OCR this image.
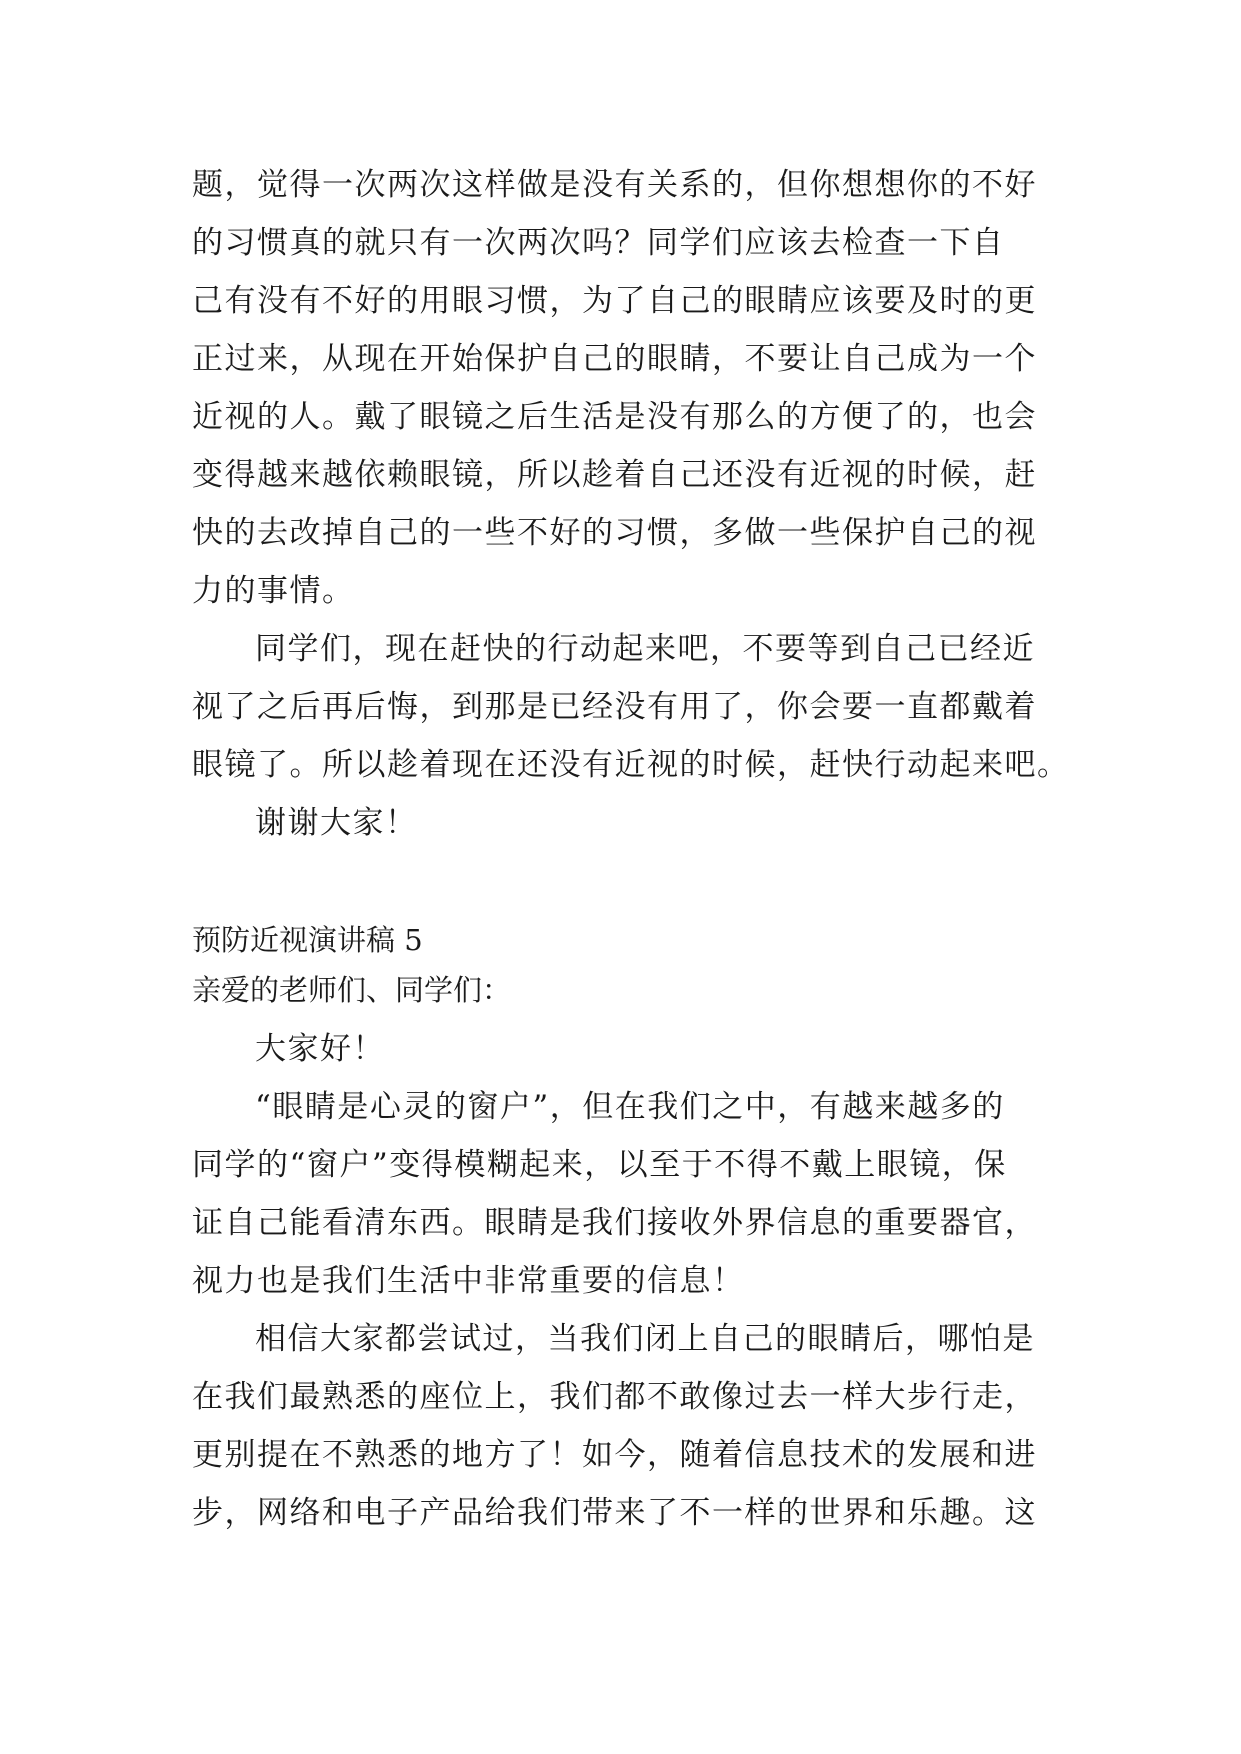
题，觉得一次两次这样做是没有关系的，但你想想你的不好
的习惯真的就只有一次两次吗？同学们应该去检查一下自
己有没有不好的用眼习惯，为了自己的眼睛应该要及时的更
正过来，从现在开始保护自己的眼睛，不要让自己成为一个
近视的人。戴了眼镜之后生活是没有那么的方便了的，也会
变得越来越依赖眼镜，所以趁着自己还没有近视的时候，赶
快的去改掉自己的一些不好的习惯，多做一些保护自己的视
力的事情。
同学们，现在赶快的行动起来吧，不要等到自己已经近
视了之后再后悔，到那是已经没有用了，你会要一直都戴着
眼镜了。所以趁着现在还没有近视的时候，赶快行动起来吧。
谢谢大家！
预防近视演讲稿 5
亲爱的老师们、同学们：
大家好！
“眼睛是心灵的窗户”，但在我们之中，有越来越多的
同学的“窗户”变得模糊起来，以至于不得不戴上眼镜，保
证自己能看清东西。眼睛是我们接收外界信息的重要器官，
视力也是我们生活中非常重要的信息！
相信大家都尝试过，当我们闭上自己的眼睛后，哪怕是
在我们最熟悉的座位上，我们都不敢像过去一样大步行走，
更别提在不熟悉的地方了！如今，随着信息技术的发展和进
步，网络和电子产品给我们带来了不一样的世界和乐趣。这
